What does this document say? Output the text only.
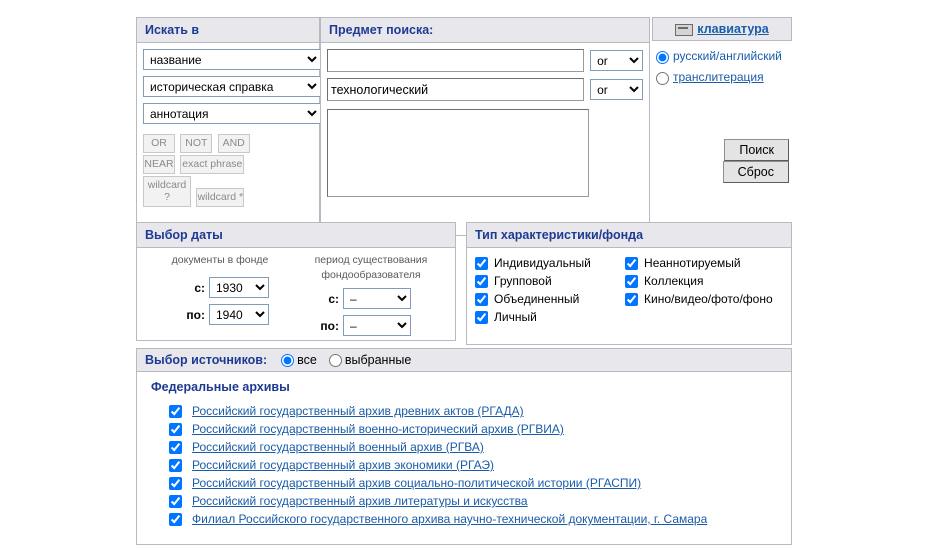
Искать в
название
историческая справка
аннотация
OR NOT AND
NEAR exact phrase
wildcard ?	wildcard *
Предмет поиска:
or
технологический
or	клавиатура
русский/английский
транслитерация
Поиск Сброс
Выбор даты
документы в фонде
с:
1930
по:
1940
период существования
фондообразователя
с:
–
по:
–
Тип характеристики/фонда
Индивидуальный
Групповой
Объединенный
Личный
Неаннотируемый
Коллекция
Кино/видео/фото/фоно
Выбор источников: все выбранные
Федеральные архивы
Российский государственный архив древних актов (РГАДА)
Российский государственный военно-исторический архив (РГВИА)
Российский государственный военный архив (РГВА)
Российский государственный архив экономики (РГАЭ)
Российский государственный архив социально-политической истории (РГАСПИ)
Российский государственный архив литературы и искусства
Филиал Российского государственного архива научно-технической документации, г. Самара
